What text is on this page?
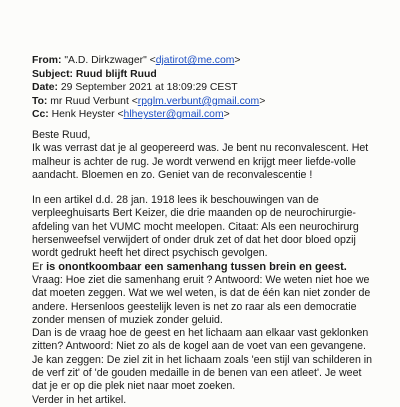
From: "A.D. Dirkzwager" <djatirot@me.com>
Subject: Ruud blijft Ruud
Date: 29 September 2021 at 18:09:29 CEST
To: mr Ruud Verbunt <rpglm.verbunt@gmail.com>
Cc: Henk Heyster <hlheyster@gmail.com>
Beste Ruud,
Ik was verrast dat je al geopereerd was. Je bent nu reconvalescent. Het
malheur is achter de rug. Je wordt verwend en krijgt meer liefde-volle
aandacht. Bloemen en zo. Geniet van de reconvalescentie !
In een artikel d.d. 28 jan. 1918 lees ik beschouwingen van de
verpleeghuisarts Bert Keizer, die drie maanden op de neurochirurgie-
afdeling van het VUMC mocht meelopen. Citaat: Als een neurochirurg
hersenweefsel verwijdert of onder druk zet of dat het door bloed opzij
wordt gedrukt heeft het direct psychisch gevolgen.
Er is onontkoombaar een samenhang tussen brein en geest.
Vraag: Hoe ziet die samenhang eruit ? Antwoord: We weten niet hoe we
dat moeten zeggen. Wat we wel weten, is dat de één kan niet zonder de
andere. Hersenloos geestelijk leven is net zo raar als een democratie
zonder mensen of muziek zonder geluid.
Dan is de vraag hoe de geest en het lichaam aan elkaar vast geklonken
zitten? Antwoord: Niet zo als de kogel aan de voet van een gevangene.
Je kan zeggen: De ziel zit in het lichaam zoals 'een stijl van schilderen in
de verf zit' of 'de gouden medaille in de benen van een atleet'. Je weet
dat je er op die plek niet naar moet zoeken.
Verder in het artikel.
